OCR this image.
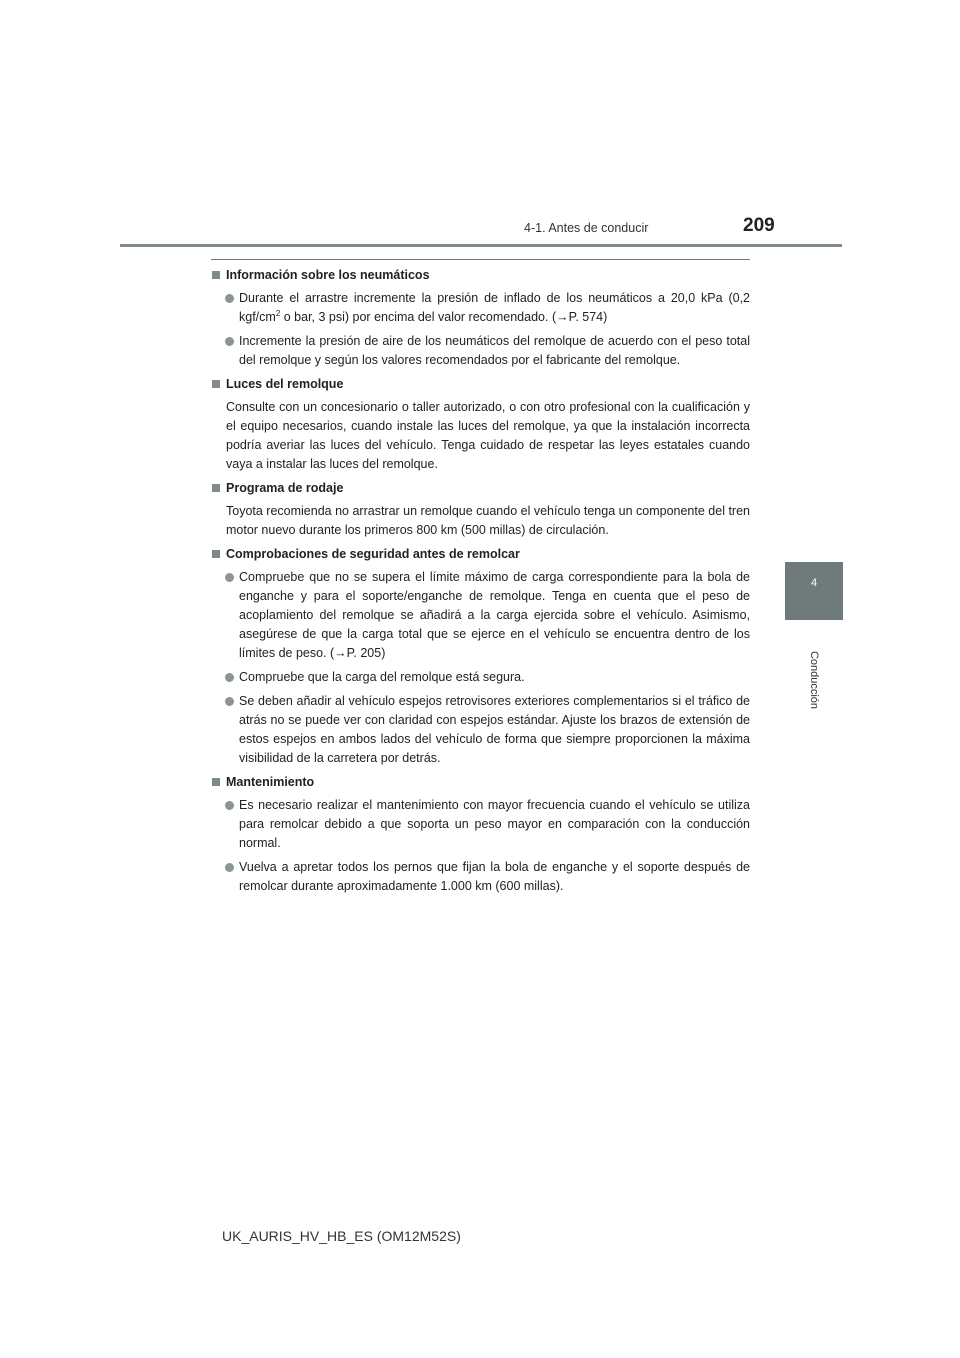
4-1. Antes de conducir	209
4
Conducción
Información sobre los neumáticos
Durante el arrastre incremente la presión de inflado de los neumáticos a 20,0 kPa (0,2 kgf/$cm^2$ o bar, 3 psi) por encima del valor recomendado. (→P. 574)
Incremente la presión de aire de los neumáticos del remolque de acuerdo con el peso total del remolque y según los valores recomendados por el fabricante del remolque.
Luces del remolque
Consulte con un concesionario o taller autorizado, o con otro profesional con la cualificación y el equipo necesarios, cuando instale las luces del remolque, ya que la instalación incorrecta podría averiar las luces del vehículo. Tenga cuidado de respetar las leyes estatales cuando vaya a instalar las luces del remolque.
Programa de rodaje
Toyota recomienda no arrastrar un remolque cuando el vehículo tenga un componente del tren motor nuevo durante los primeros 800 km (500 millas) de circulación.
Comprobaciones de seguridad antes de remolcar
Compruebe que no se supera el límite máximo de carga correspondiente para la bola de enganche y para el soporte/enganche de remolque. Tenga en cuenta que el peso de acoplamiento del remolque se añadirá a la carga ejercida sobre el vehículo. Asimismo, asegúrese de que la carga total que se ejerce en el vehículo se encuentra dentro de los límites de peso. (→P. 205)
Compruebe que la carga del remolque está segura.
Se deben añadir al vehículo espejos retrovisores exteriores complementarios si el tráfico de atrás no se puede ver con claridad con espejos estándar. Ajuste los brazos de extensión de estos espejos en ambos lados del vehículo de forma que siempre proporcionen la máxima visibilidad de la carretera por detrás.
Mantenimiento
Es necesario realizar el mantenimiento con mayor frecuencia cuando el vehículo se utiliza para remolcar debido a que soporta un peso mayor en comparación con la conducción normal.
Vuelva a apretar todos los pernos que fijan la bola de enganche y el soporte después de remolcar durante aproximadamente 1.000 km (600 millas).
UK_AURIS_HV_HB_ES (OM12M52S)
